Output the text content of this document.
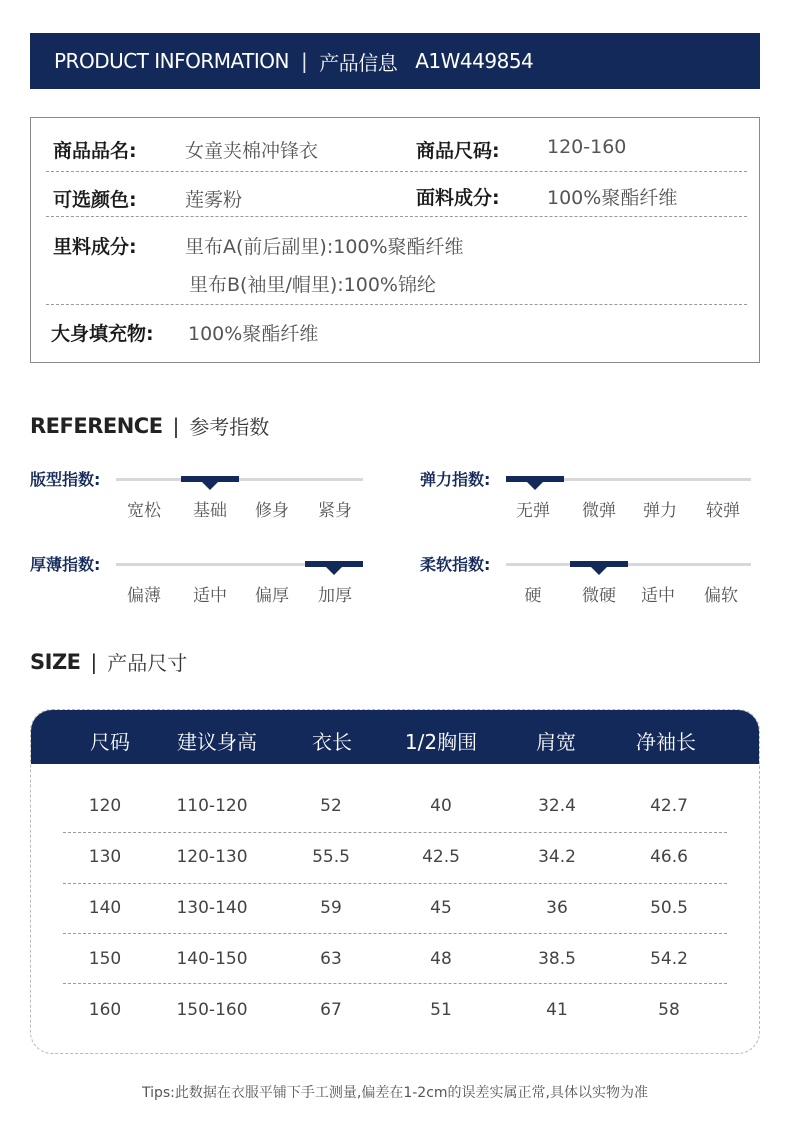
PRODUCT INFORMATION | 产品信息 A1W449854
商品品名:	女童夹棉冲锋衣	商品尺码: 120-160
可选颜色:	莲雾粉	面料成分: 100%聚酯纤维
里料成分:	里布A(前后副里):100%聚酯纤维
里布B(袖里/帽里):100%锦纶
大身填充物: 100%聚酯纤维
REFERENCE | 参考指数
版型指数:
宽松	基础	修身	紧身
弹力指数:
无弹	微弹	弹力	较弹
厚薄指数:
偏薄	适中	偏厚	加厚
柔软指数:
硬	微硬	适中	偏软
SIZE | 产品尺寸
尺码	建议身高	衣长	1/2胸围	肩宽	净袖长
120	110-120	52	40	32.4	42.7
130	120-130	55.5	42.5	34.2	46.6
140	130-140	59	45	36	50.5
150	140-150	63	48	38.5	54.2
160	150-160	67	51	41	58
Tips:此数据在衣服平铺下手工测量,偏差在1-2cm的误差实属正常,具体以实物为准
